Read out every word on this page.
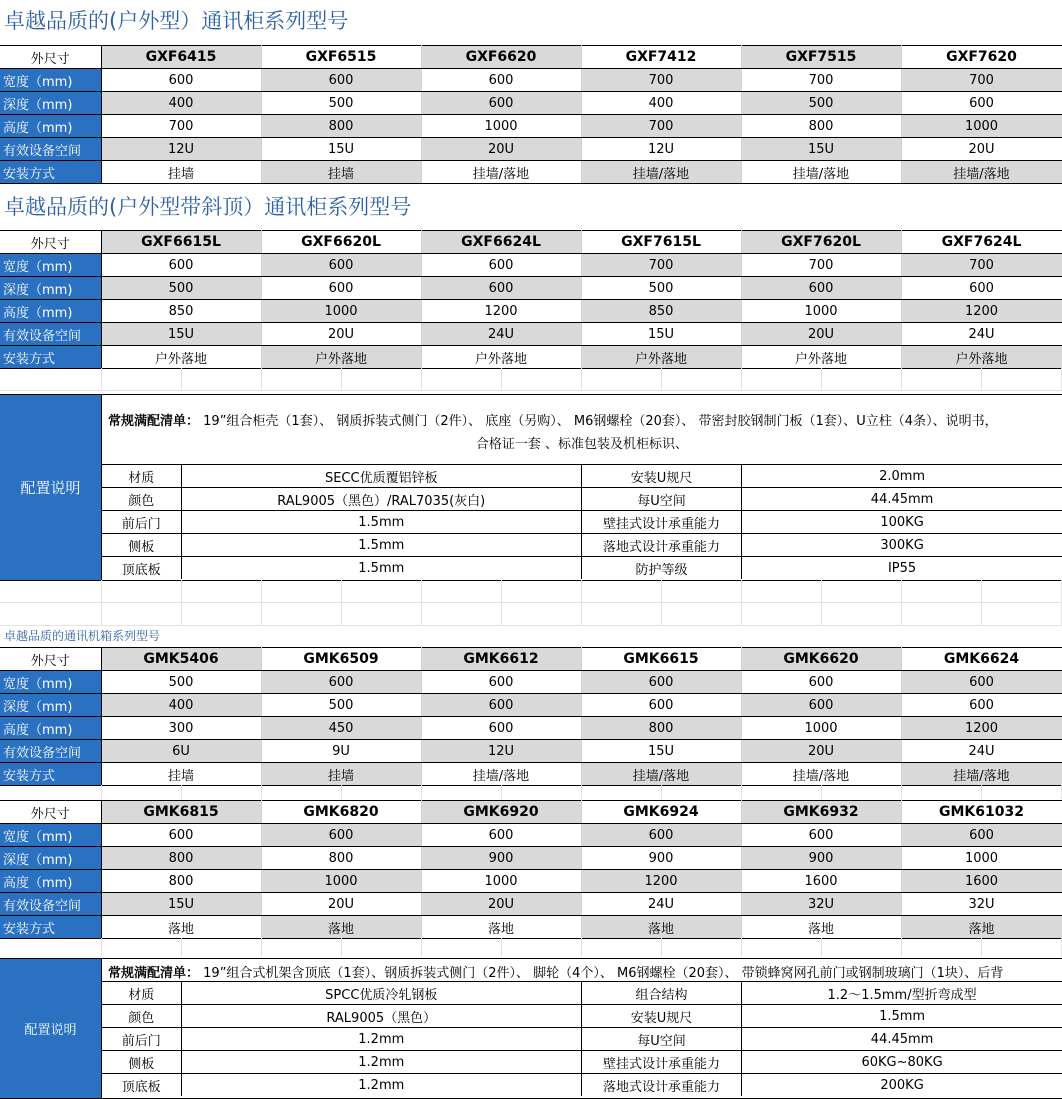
卓越品质的(户外型）通讯柜系列型号
外尺寸	GXF6415	GXF6515	GXF6620	GXF7412	GXF7515	GXF7620
宽度（mm)	600	600	600	700	700	700
深度（mm)	400	500	600	400	500	600
高度（mm)	700	800	1000	700	800	1000
有效设备空间	12U	15U	20U	12U	15U	20U
安装方式	挂墙	挂墙	挂墙/落地	挂墙/落地	挂墙/落地	挂墙/落地
卓越品质的(户外型带斜顶）通讯柜系列型号
外尺寸	GXF6615L	GXF6620L	GXF6624L	GXF7615L	GXF7620L	GXF7624L
宽度（mm)	600	600	600	700	700	700
深度（mm)	500	600	600	500	600	600
高度（mm)	850	1000	1200	850	1000	1200
有效设备空间	15U	20U	24U	15U	20U	24U
安装方式	户外落地	户外落地	户外落地	户外落地	户外落地	户外落地
配置说明
常规满配清单： 19”组合柜壳（1套）、 钢质拆装式侧门（2件）、 底座（另购）、 M6钢螺栓（20套）、 带密封胶钢制门板（1套）、U立柱（4条）、说明书，
合格证一套 、标准包装及机柜标识、
材质	SECC优质覆铝锌板	安装U规尺	2.0mm
颜色	RAL9005（黑色）/RAL7035(灰白)	每U空间	44.45mm
前后门	1.5mm	壁挂式设计承重能力	100KG
侧板	1.5mm	落地式设计承重能力	300KG
顶底板	1.5mm	防护等级	IP55
卓越品质的通讯机箱系列型号
外尺寸	GMK5406	GMK6509	GMK6612	GMK6615	GMK6620	GMK6624
宽度（mm)	500	600	600	600	600	600
深度（mm)	400	500	600	600	600	600
高度（mm)	300	450	600	800	1000	1200
有效设备空间	6U	9U	12U	15U	20U	24U
安装方式	挂墙	挂墙	挂墙/落地	挂墙/落地	挂墙/落地	挂墙/落地
外尺寸	GMK6815	GMK6820	GMK6920	GMK6924	GMK6932	GMK61032
宽度（mm)	600	600	600	600	600	600
深度（mm)	800	800	900	900	900	1000
高度（mm)	800	1000	1000	1200	1600	1600
有效设备空间	15U	20U	20U	24U	32U	32U
安装方式	落地	落地	落地	落地	落地	落地
配置说明
常规满配清单： 19”组合式机架含顶底（1套）、钢质拆装式侧门（2件）、 脚轮（4个）、 M6钢螺栓（20套）、 带锁蜂窝网孔前门或钢制玻璃门（1块）、后背
材质	SPCC优质冷轧钢板	组合结构	1.2～1.5mm/型折弯成型
颜色	RAL9005（黑色）	安装U规尺	1.5mm
前后门	1.2mm	每U空间	44.45mm
侧板	1.2mm	壁挂式设计承重能力	60KG~80KG
顶底板	1.2mm	落地式设计承重能力	200KG
